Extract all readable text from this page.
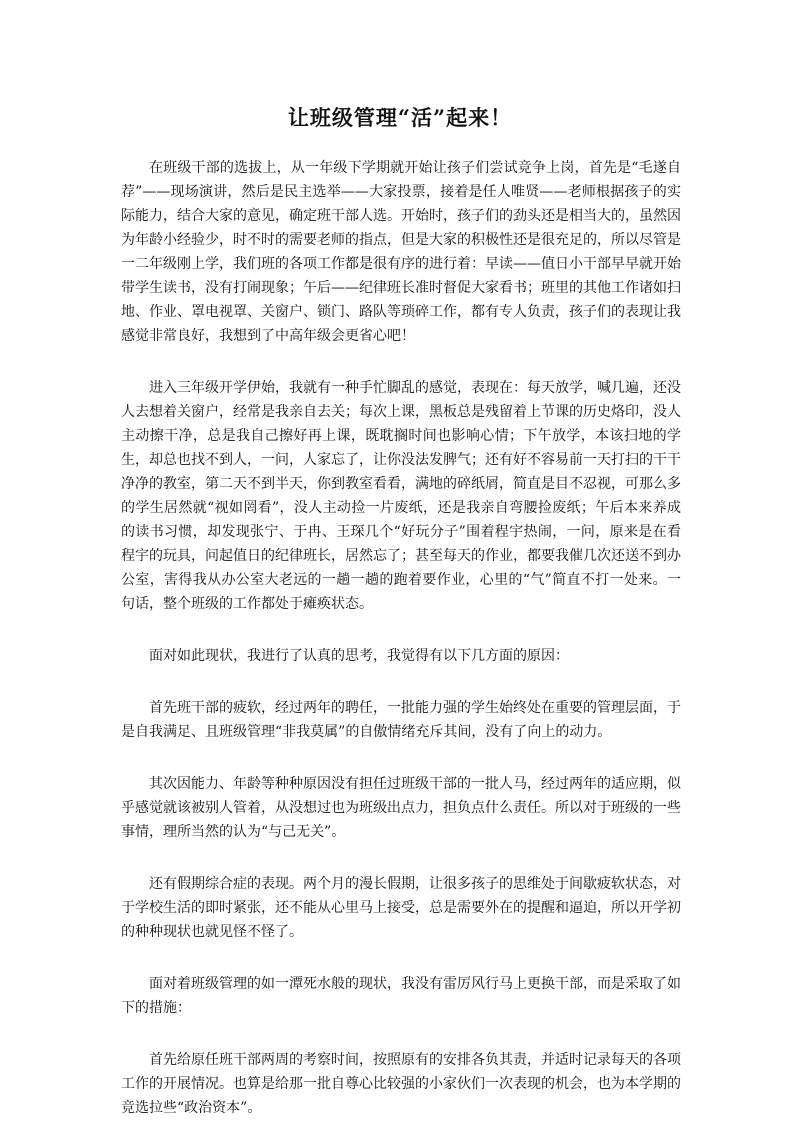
让班级管理“活”起来！

在班级干部的选拔上，从一年级下学期就开始让孩子们尝试竞争上岗，首先是“毛遂自荐”——现场演讲，然后是民主选举——大家投票，接着是任人唯贤——老师根据孩子的实际能力，结合大家的意见，确定班干部人选。开始时，孩子们的劲头还是相当大的，虽然因为年龄小经验少，时不时的需要老师的指点，但是大家的积极性还是很充足的，所以尽管是一二年级刚上学，我们班的各项工作都是很有序的进行着：早读——值日小干部早早就开始带学生读书，没有打闹现象；午后——纪律班长准时督促大家看书；班里的其他工作诸如扫地、作业、罩电视罩、关窗户、锁门、路队等琐碎工作，都有专人负责，孩子们的表现让我感觉非常良好，我想到了中高年级会更省心吧！

进入三年级开学伊始，我就有一种手忙脚乱的感觉，表现在：每天放学，喊几遍，还没人去想着关窗户，经常是我亲自去关；每次上课，黑板总是残留着上节课的历史烙印，没人主动擦干净，总是我自己擦好再上课，既耽搁时间也影响心情；下午放学，本该扫地的学生，却总也找不到人，一问，人家忘了，让你没法发脾气；还有好不容易前一天打扫的干干净净的教室，第二天不到半天，你到教室看看，满地的碎纸屑，简直是目不忍视，可那么多的学生居然就“视如罔看”，没人主动捡一片废纸，还是我亲自弯腰捡废纸；午后本来养成的读书习惯，却发现张宁、于冉、王琛几个“好玩分子”围着程宇热闹，一问，原来是在看程宇的玩具，问起值日的纪律班长，居然忘了；甚至每天的作业，都要我催几次还送不到办公室，害得我从办公室大老远的一趟一趟的跑着要作业，心里的“气”简直不打一处来。一句话，整个班级的工作都处于瘫痪状态。

面对如此现状，我进行了认真的思考，我觉得有以下几方面的原因：

首先班干部的疲软，经过两年的聘任，一批能力强的学生始终处在重要的管理层面，于是自我满足、且班级管理“非我莫属”的自傲情绪充斥其间，没有了向上的动力。

其次因能力、年龄等种种原因没有担任过班级干部的一批人马，经过两年的适应期，似乎感觉就该被别人管着，从没想过也为班级出点力，担负点什么责任。所以对于班级的一些事情，理所当然的认为“与己无关”。

还有假期综合症的表现。两个月的漫长假期，让很多孩子的思维处于间歇疲软状态，对于学校生活的即时紧张，还不能从心里马上接受，总是需要外在的提醒和逼迫，所以开学初的种种现状也就见怪不怪了。

面对着班级管理的如一潭死水般的现状，我没有雷厉风行马上更换干部，而是采取了如下的措施：

首先给原任班干部两周的考察时间，按照原有的安排各负其责，并适时记录每天的各项工作的开展情况。也算是给那一批自尊心比较强的小家伙们一次表现的机会，也为本学期的竞选拉些“政治资本”。
